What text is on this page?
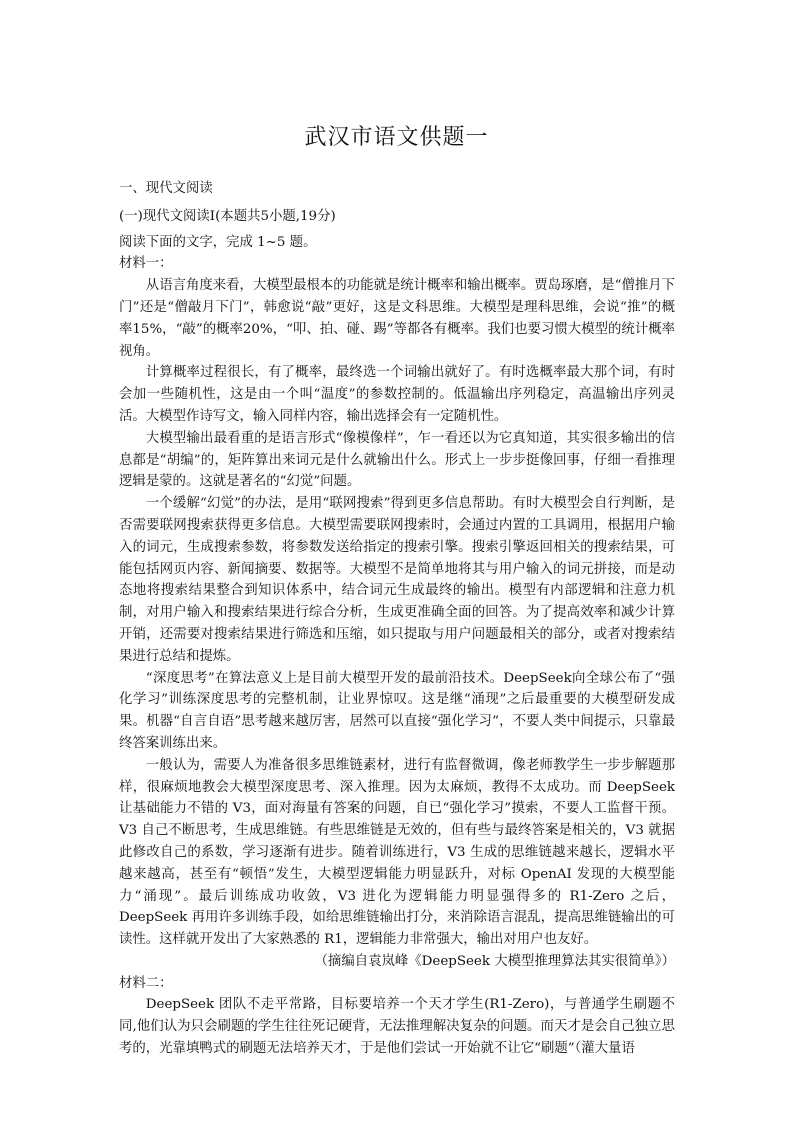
武汉市语文供题一

一、现代文阅读

(一)现代文阅读Ⅰ(本题共5小题,19分)

阅读下面的文字，完成 1~5 题。

材料一：

从语言角度来看，大模型最根本的功能就是统计概率和输出概率。贾岛琢磨，是“僧推月下门”还是“僧敲月下门”，韩愈说“敲”更好，这是文科思维。大模型是理科思维，会说“推”的概率15%，“敲”的概率20%，“叩、拍、碰、踢”等都各有概率。我们也要习惯大模型的统计概率视角。

计算概率过程很长，有了概率，最终选一个词输出就好了。有时选概率最大那个词，有时会加一些随机性，这是由一个叫“温度”的参数控制的。低温输出序列稳定，高温输出序列灵活。大模型作诗写文，输入同样内容，输出选择会有一定随机性。

大模型输出最看重的是语言形式“像模像样”，乍一看还以为它真知道，其实很多输出的信息都是“胡编”的，矩阵算出来词元是什么就输出什么。形式上一步步挺像回事，仔细一看推理逻辑是蒙的。这就是著名的“幻觉”问题。

一个缓解“幻觉”的办法，是用“联网搜索”得到更多信息帮助。有时大模型会自行判断，是否需要联网搜索获得更多信息。大模型需要联网搜索时，会通过内置的工具调用，根据用户输入的词元，生成搜索参数，将参数发送给指定的搜索引擎。搜索引擎返回相关的搜索结果，可能包括网页内容、新闻摘要、数据等。大模型不是简单地将其与用户输入的词元拼接，而是动态地将搜索结果整合到知识体系中，结合词元生成最终的输出。模型有内部逻辑和注意力机制，对用户输入和搜索结果进行综合分析，生成更准确全面的回答。为了提高效率和减少计算开销，还需要对搜索结果进行筛选和压缩，如只提取与用户问题最相关的部分，或者对搜索结果进行总结和提炼。

“深度思考”在算法意义上是目前大模型开发的最前沿技术。DeepSeek向全球公布了“强化学习”训练深度思考的完整机制，让业界惊叹。这是继“涌现”之后最重要的大模型研发成果。机器“自言自语”思考越来越厉害，居然可以直接“强化学习”，不要人类中间提示，只靠最终答案训练出来。

一般认为，需要人为准备很多思维链素材，进行有监督微调，像老师教学生一步步解题那样，很麻烦地教会大模型深度思考、深入推理。因为太麻烦，教得不太成功。而 DeepSeek 让基础能力不错的 V3，面对海量有答案的问题，自已“强化学习”摸索，不要人工监督干预。V3 自己不断思考，生成思维链。有些思维链是无效的，但有些与最终答案是相关的，V3 就据此修改自己的系数，学习逐渐有进步。随着训练进行，V3 生成的思维链越来越长，逻辑水平越来越高，甚至有“顿悟”发生，大模型逻辑能力明显跃升，对标 OpenAI 发现的大模型能力“涌现”。最后训练成功收敛，V3 进化为逻辑能力明显强得多的 R1-Zero 之后，DeepSeek 再用许多训练手段，如给思维链输出打分，来消除语言混乱，提高思维链输出的可读性。这样就开发出了大家熟悉的 R1，逻辑能力非常强大，输出对用户也友好。

（摘编自袁岚峰《DeepSeek 大模型推理算法其实很简单》）

材料二：

DeepSeek 团队不走平常路，目标要培养一个天才学生(R1-Zero)，与普通学生刷题不同,他们认为只会刷题的学生往往死记硬背，无法推理解决复杂的问题。而天才是会自己独立思考的，光靠填鸭式的刷题无法培养天才，于是他们尝试一开始就不让它“刷题”（灌大量语
